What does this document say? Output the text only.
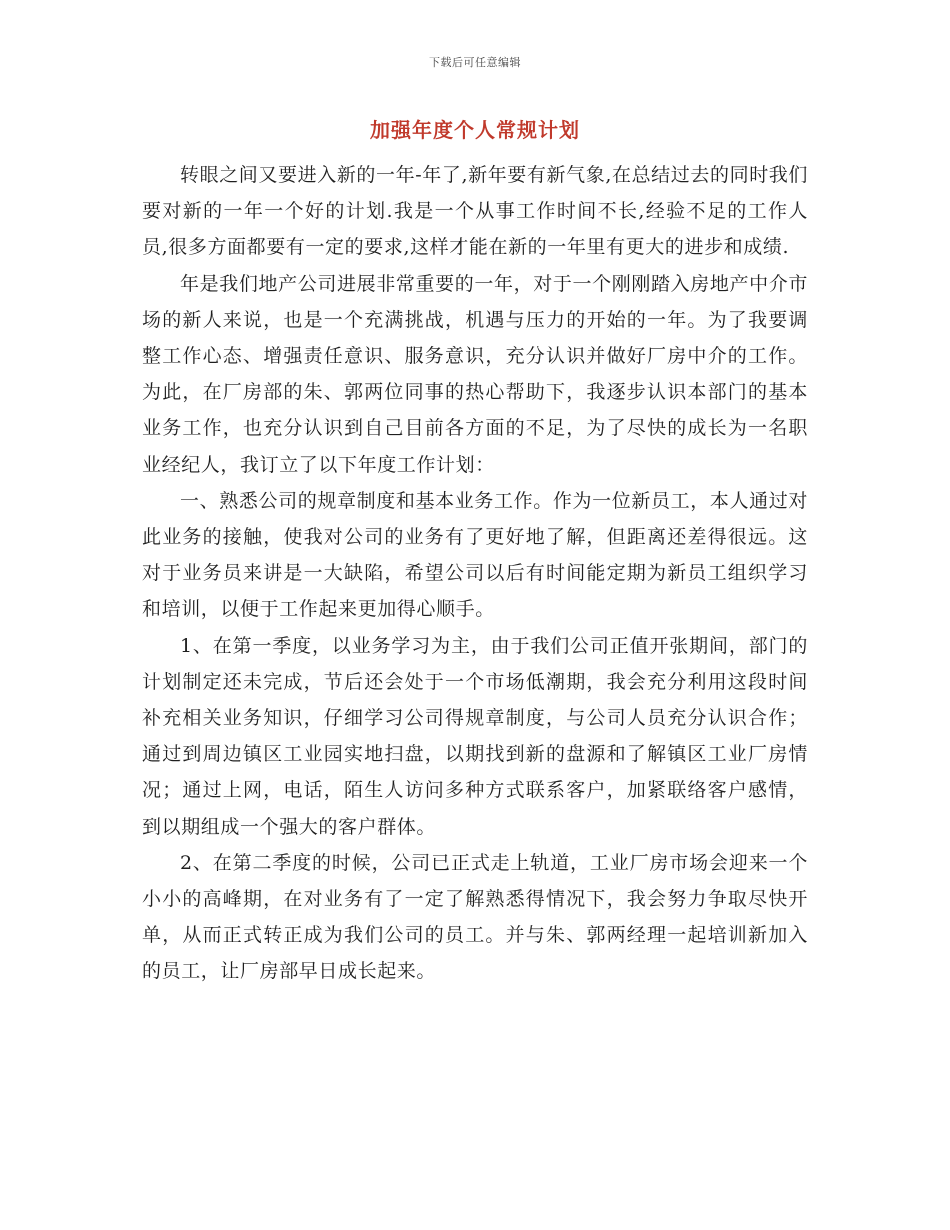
下载后可任意编辑
加强年度个人常规计划

转眼之间又要进入新的一年-年了,新年要有新气象,在总结过去的同时我们要对新的一年一个好的计划.我是一个从事工作时间不长,经验不足的工作人员,很多方面都要有一定的要求,这样才能在新的一年里有更大的进步和成绩.

年是我们地产公司进展非常重要的一年，对于一个刚刚踏入房地产中介市场的新人来说，也是一个充满挑战，机遇与压力的开始的一年。为了我要调整工作心态、增强责任意识、服务意识，充分认识并做好厂房中介的工作。为此，在厂房部的朱、郭两位同事的热心帮助下，我逐步认识本部门的基本业务工作，也充分认识到自己目前各方面的不足，为了尽快的成长为一名职业经纪人，我订立了以下年度工作计划：

一、熟悉公司的规章制度和基本业务工作。作为一位新员工，本人通过对此业务的接触，使我对公司的业务有了更好地了解，但距离还差得很远。这对于业务员来讲是一大缺陷，希望公司以后有时间能定期为新员工组织学习和培训，以便于工作起来更加得心顺手。

1、在第一季度，以业务学习为主，由于我们公司正值开张期间，部门的计划制定还未完成，节后还会处于一个市场低潮期，我会充分利用这段时间补充相关业务知识，仔细学习公司得规章制度，与公司人员充分认识合作；通过到周边镇区工业园实地扫盘，以期找到新的盘源和了解镇区工业厂房情况；通过上网，电话，陌生人访问多种方式联系客户，加紧联络客户感情，到以期组成一个强大的客户群体。

2、在第二季度的时候，公司已正式走上轨道，工业厂房市场会迎来一个小小的高峰期，在对业务有了一定了解熟悉得情况下，我会努力争取尽快开单，从而正式转正成为我们公司的员工。并与朱、郭两经理一起培训新加入的员工，让厂房部早日成长起来。
